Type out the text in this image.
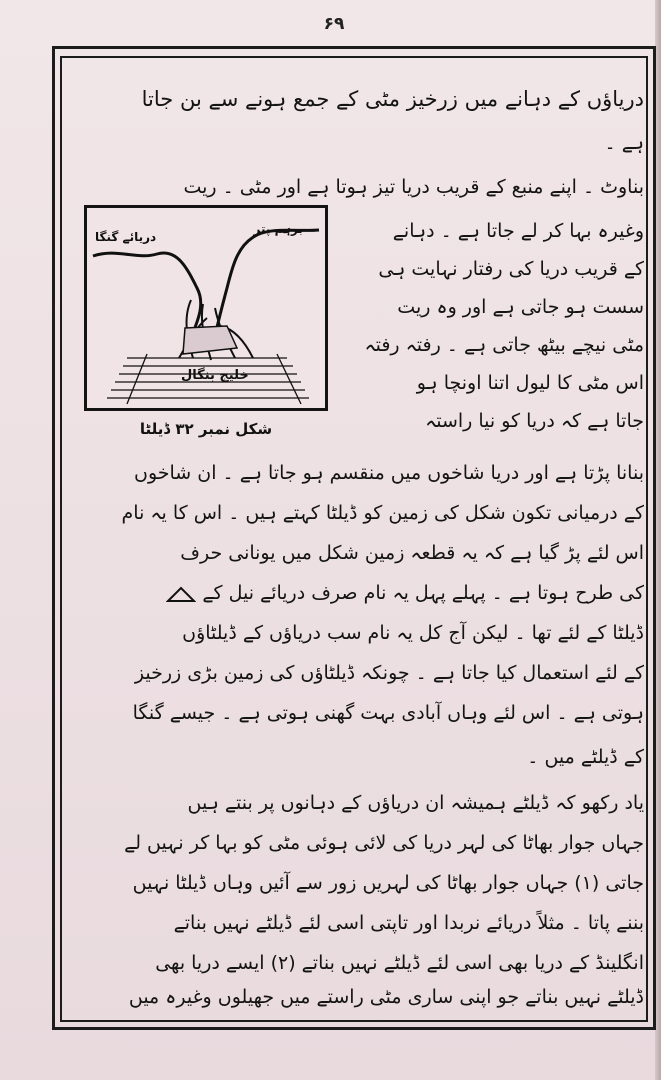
۶۹
دریاؤں کے دہانے میں زرخیز مٹی کے جمع ہونے سے بن جاتا
ہے ۔
بناوٹ ۔ اپنے منبع کے قریب دریا تیز ہوتا ہے اور مٹی ۔ ریت
وغیرہ بہا کر لے جاتا ہے ۔ دہانے
کے قریب دریا کی رفتار نہایت ہی
سست ہو جاتی ہے اور وہ ریت
مٹی نیچے بیٹھ جاتی ہے ۔ رفتہ رفتہ
اس مٹی کا لیول اتنا اونچا ہو
جاتا ہے کہ دریا کو نیا راستہ
برہم پتر
دریائے گنگا
خلیج بنگال
شکل نمبر ۳۲ ڈیلٹا
بنانا پڑتا ہے اور دریا شاخوں میں منقسم ہو جاتا ہے ۔ ان شاخوں
کے درمیانی تکون شکل کی زمین کو ڈیلٹا کہتے ہیں ۔ اس کا یہ نام
اس لئے پڑ گیا ہے کہ یہ قطعہ زمین شکل میں یونانی حرف
کی طرح ہوتا ہے ۔ پہلے پہل یہ نام صرف دریائے نیل کے
ڈیلٹا کے لئے تھا ۔ لیکن آج کل یہ نام سب دریاؤں کے ڈیلٹاؤں
کے لئے استعمال کیا جاتا ہے ۔ چونکہ ڈیلٹاؤں کی زمین بڑی زرخیز
ہوتی ہے ۔ اس لئے وہاں آبادی بہت گھنی ہوتی ہے ۔ جیسے گنگا
کے ڈیلٹے میں ۔
یاد رکھو کہ ڈیلٹے ہمیشہ ان دریاؤں کے دہانوں پر بنتے ہیں
جہاں جوار بھاٹا کی لہر دریا کی لائی ہوئی مٹی کو بہا کر نہیں لے
جاتی (۱) جہاں جوار بھاٹا کی لہریں زور سے آئیں وہاں ڈیلٹا نہیں
بننے پاتا ۔ مثلاً دریائے نربدا اور تاپتی اسی لئے ڈیلٹے نہیں بناتے
انگلینڈ کے دریا بھی اسی لئے ڈیلٹے نہیں بناتے (۲) ایسے دریا بھی
ڈیلٹے نہیں بناتے جو اپنی ساری مٹی راستے میں جھیلوں وغیرہ میں
